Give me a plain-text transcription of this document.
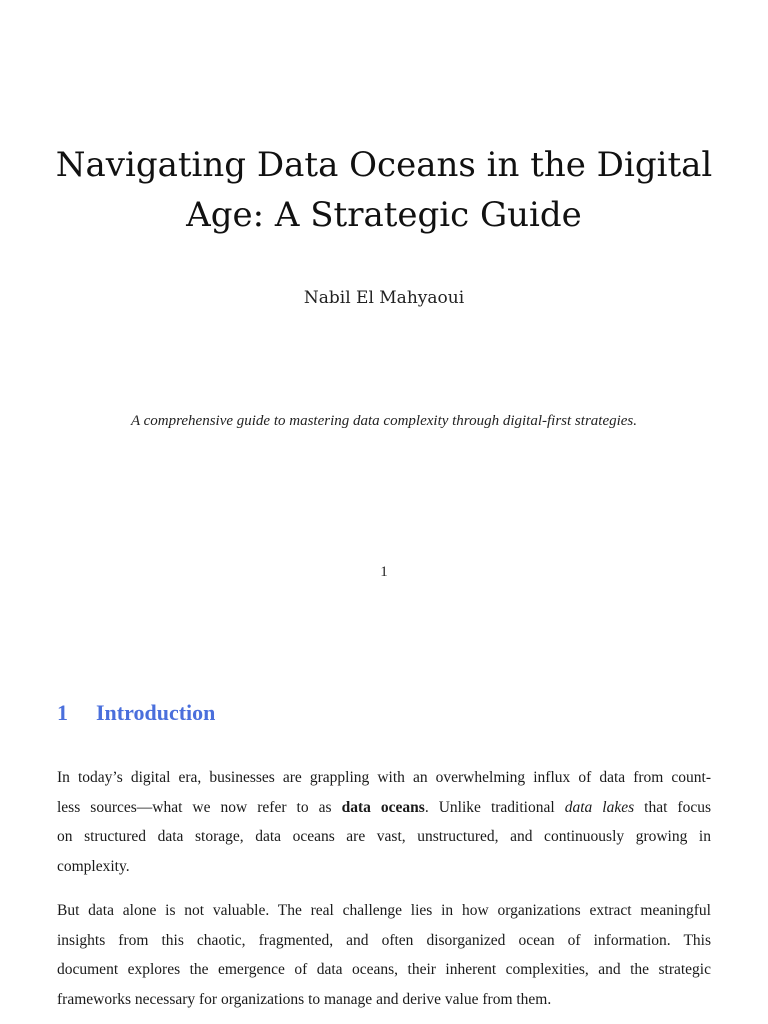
Navigating Data Oceans in the Digital
Age: A Strategic Guide
Nabil El Mahyaoui
A comprehensive guide to mastering data complexity through digital-first strategies.
1
1 Introduction
In today’s digital era, businesses are grappling with an overwhelming influx of data from count-
less sources—what we now refer to as data oceans. Unlike traditional data lakes that focus
on structured data storage, data oceans are vast, unstructured, and continuously growing in
complexity.
But data alone is not valuable. The real challenge lies in how organizations extract meaningful
insights from this chaotic, fragmented, and often disorganized ocean of information. This
document explores the emergence of data oceans, their inherent complexities, and the strategic
frameworks necessary for organizations to manage and derive value from them.
